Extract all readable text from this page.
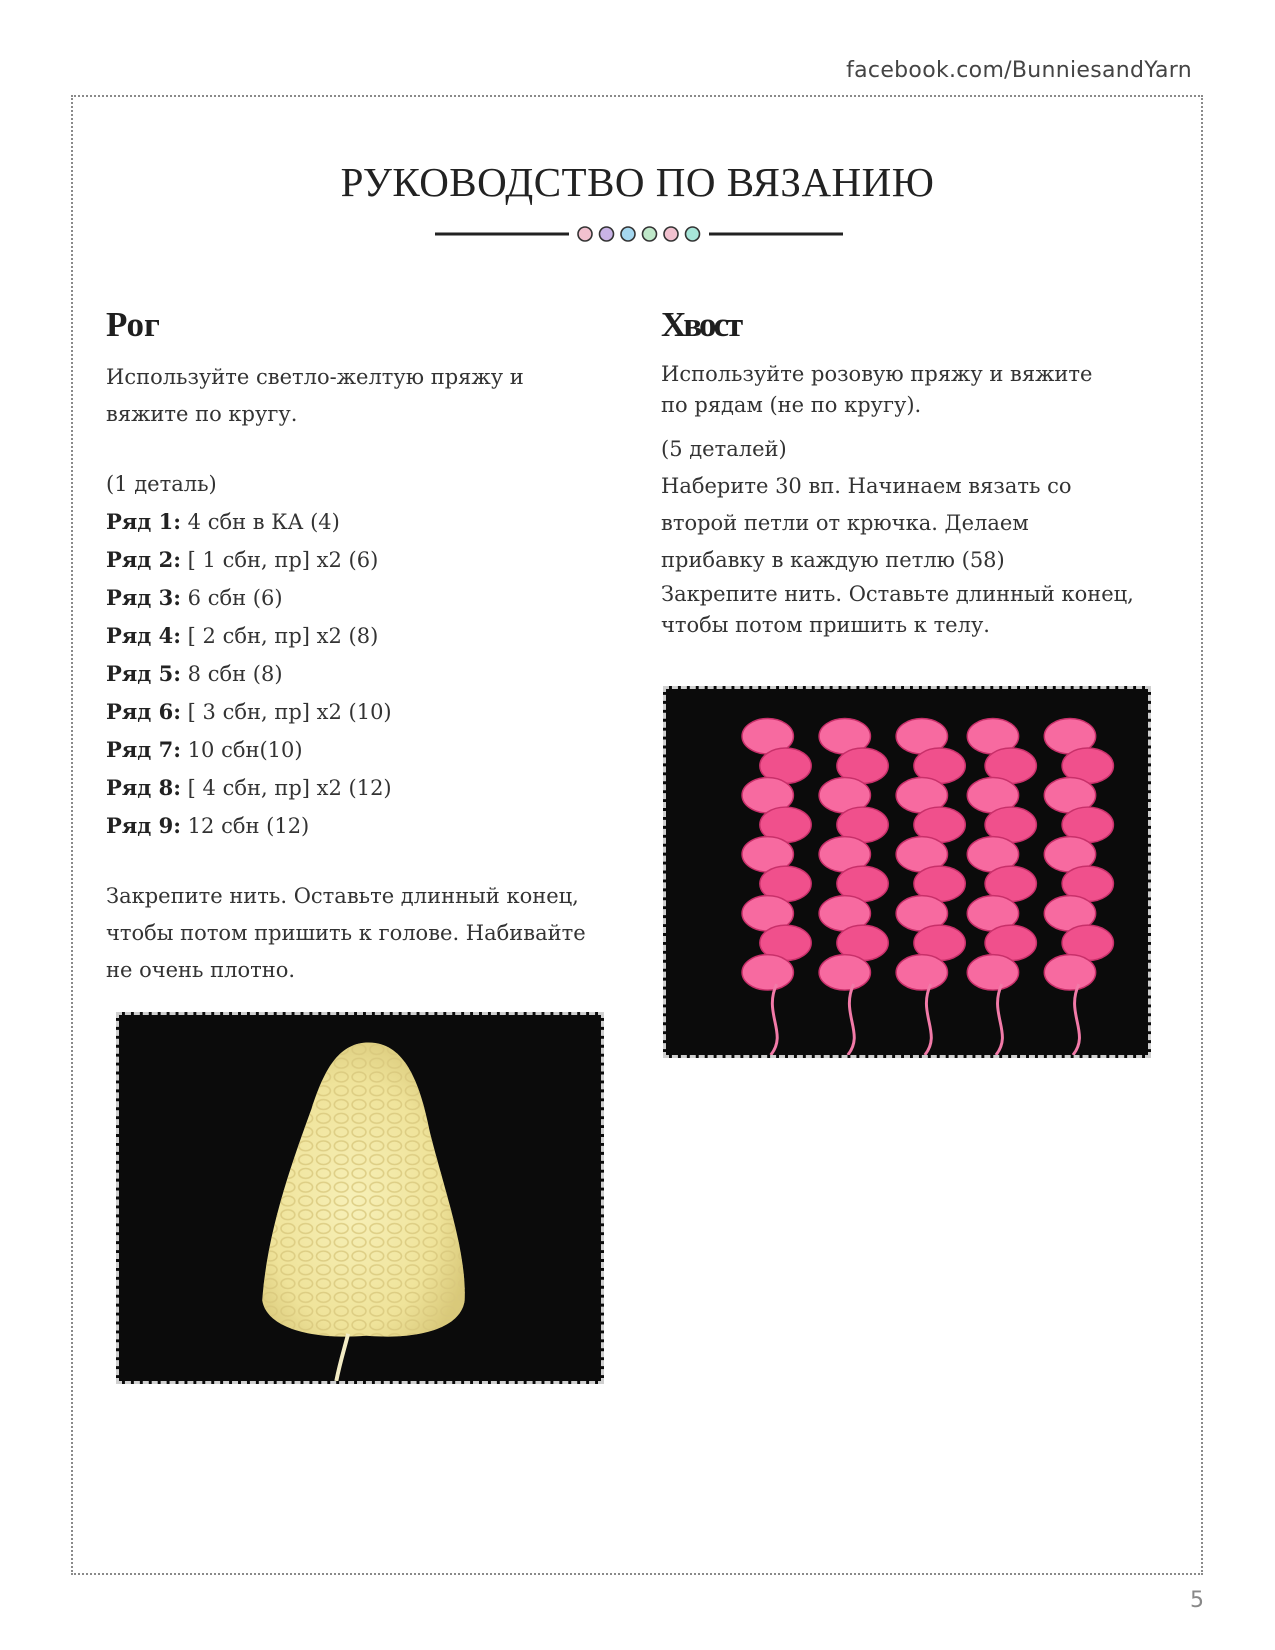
facebook.com/BunniesandYarn
РУКОВОДСТВО ПО ВЯЗАНИЮ
Рог
Используйте светло-желтую пряжу и
вяжите по кругу.
(1 деталь)
Ряд 1: 4 сбн в КА (4)
Ряд 2: [ 1 сбн, пр] x2 (6)
Ряд 3: 6 сбн (6)
Ряд 4: [ 2 сбн, пр] x2 (8)
Ряд 5: 8 сбн (8)
Ряд 6: [ 3 сбн, пр] x2 (10)
Ряд 7: 10 сбн(10)
Ряд 8: [ 4 сбн, пр] x2 (12)
Ряд 9: 12 сбн (12)
Закрепите нить. Оставьте длинный конец,
чтобы потом пришить к голове. Набивайте
не очень плотно.
Хвост
Используйте розовую пряжу и вяжите
по рядам (не по кругу).
(5 деталей)
Наберите 30 вп. Начинаем вязать со
второй петли от крючка. Делаем
прибавку в каждую петлю (58)
Закрепите нить. Оставьте длинный конец,
чтобы потом пришить к телу.
5
